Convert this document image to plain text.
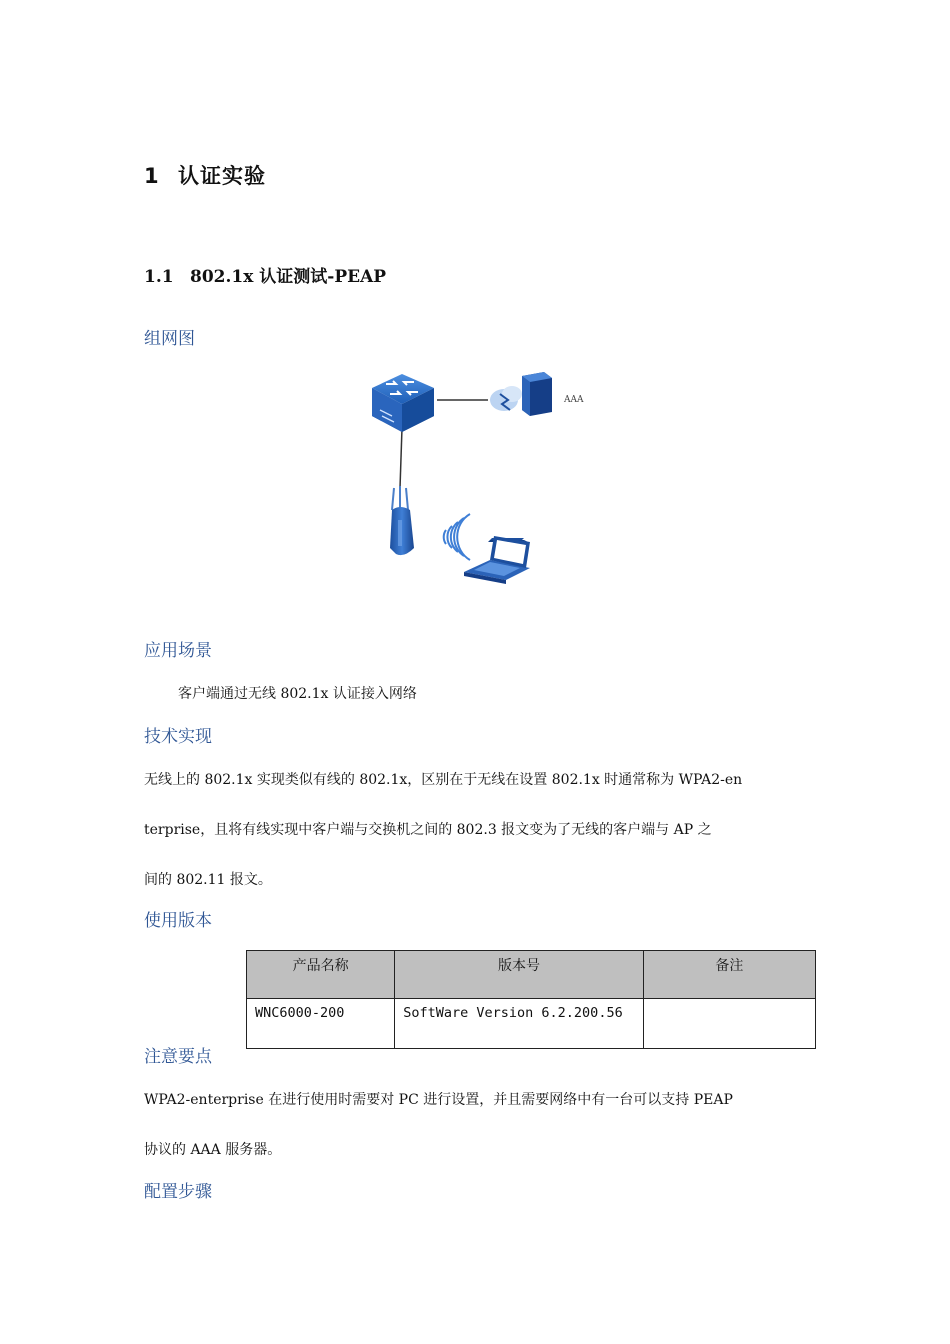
1 认证实验
1.1 802.1x 认证测试-PEAP
组网图
AAA
应用场景
客户端通过无线 802.1x 认证接入网络
技术实现
无线上的 802.1x 实现类似有线的 802.1x，区别在于无线在设置 802.1x 时通常称为 WPA2-en
terprise，且将有线实现中客户端与交换机之间的 802.3 报文变为了无线的客户端与 AP 之
间的 802.11 报文。
使用版本
产品名称	版本号	备注
WNC6000-200	SoftWare Version 6.2.200.56	
注意要点
WPA2-enterprise 在进行使用时需要对 PC 进行设置，并且需要网络中有一台可以支持 PEAP
协议的 AAA 服务器。
配置步骤
